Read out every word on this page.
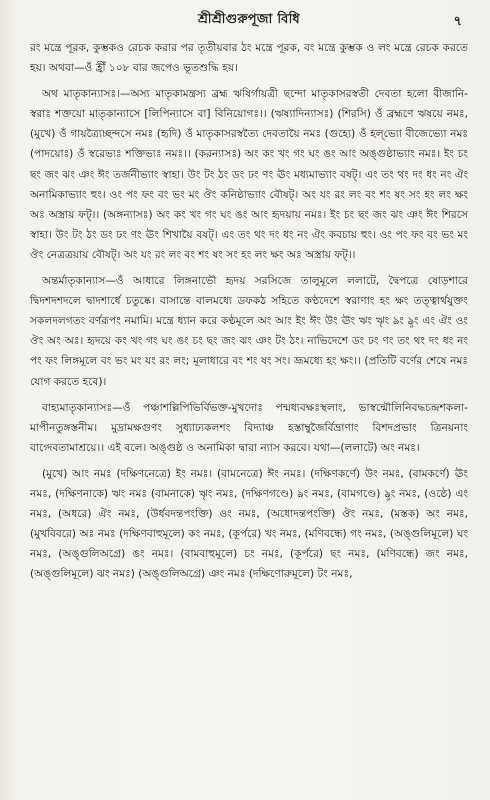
শ্রীশ্রীগুরুপূজা বিধি	৭

রং মন্ত্রে পূরক, কুম্ভকও রেচক করার পর তৃতীয়বার ঠং মন্ত্রে পূরক, বং মন্ত্রে কুম্ভক ও লং মন্ত্রে রেচক করতে হয়। অথবা—ওঁ হ্রীঁ ১০৮ বার জপেও ভূতশুদ্ধি হয়।

অথ মাতৃকান্যাসঃ।—অস্য মাতৃকামন্ত্রস্য ব্রহ্ম ঋষির্গায়ত্রী ছন্দো মাতৃকাসরস্বতী দেবতা হলো বীজানি-স্বরাঃ শক্তয়ো মাতৃকান্যাসে [লিপিন্যাসে বা] বিনিয়োগঃ।। (ঋষ্যাদিন্যাসঃ) (শিরসি) ওঁ ব্রহ্মণে ঋষয়ে নমঃ, (মুখে) ওঁ গায়ত্র্যৈচ্ছন্দসে নমঃ (হৃদি) ওঁ মাতৃকাসরস্বত্যৈ দেবতায়ৈ নমঃ (গুহ্যে) ওঁ হল্‌ভ্যো বীজেভ্যো নমঃ (পাদয়োঃ) ওঁ স্বরেভ্যঃ শক্তিভ্যঃ নমঃ।। (করন্যাসঃ) অং কং খং গং ঘং ঙং আং অঙ্গুষ্ঠাভ্যাং নমঃ। ইং চং ছং জং ঝং ঞং ঈং তর্জনীভ্যাং স্বাহা। উং টং ঠং ডং ঢং ণং ঊং মধ্যমাভ্যাং বষট্‌। এং তং থং দং ধং নং ঐং অনামিকাভ্যাং হুং। ওং পং ফং বং ভং মং ঔং কনিষ্ঠাভ্যাং বৌষট্‌। অং যং রং লং বং শং ষং সং হং লং ক্ষং অঃ অস্ত্রায় ফট্‌।। (অঙ্গন্যাসঃ) অং কং খং গং ঘং ঙং আং হৃদয়ায় নমঃ। ইং চং ছং জং ঝং ঞং ঈং শিরসে স্বাহা। উং টং ঠং ডং ঢং ণং ঊং শিখায়ৈ বষট্‌। এং তং থং দং ধং নং ঐং কবচায় হুং। ওং পং ফং বং ভং মং ঔং নেত্রত্রয়ায় বৌষট্‌। অং যং রং লং বং শং ষং সং হং লং ক্ষং অঃ অস্ত্রায় ফট্‌।।

অন্তর্মাতৃকান্যাস—ওঁ আধারে লিঙ্গনাভৌ হৃদয় সরসিজে তালুমূলে ললাটে, দ্বৈপত্রে ষোড়শারে দ্বিদশদশদলে দ্বাদশার্ধে চতুষ্কে। বাসান্তে বালমধ্যে ডফকঠ সহিতে কণ্ঠদেশে স্বরাণাং হং ক্ষং তত্ত্বার্থযুক্তং সকলদলগতং বর্ণরূপং নমামি। মন্ত্রে ধ্যান করে কণ্ঠমূলে অং আং ইং ঈং উং ঊং ঋং ৠং ঌং ৡং এং ঐং ওং ঔং অং অঃ। হৃদয়ে কং খং গং ঘং ঙং চং ছং জং ঝং ঞং টং ঠং। নাভিদেশে ডং ঢং ণং তং থং দং ধং নং পং ফং লিঙ্গমূলে বং ভং মং যং রং লং; মূলাধারে বং শং ষং সং। ভ্রূমধ্যে হং ক্ষং।। (প্রতিটি বর্ণের শেষে নমঃ যোগ করতে হবে)।

বাহ্যমাতৃকান্যাসঃ—ওঁ পঞ্চাশল্লিপিভির্বিভক্ত-মুখদোঃ পন্মধ্যবক্ষঃস্থলাং, ভাস্বন্মৌলিনিবদ্ধচন্দ্রশকলা-মাপীনতুঙ্গস্তনীম। মুদ্রামক্ষগুণং সুধ্যাঢ্যকলশং বিদ্যাঞ্চ হস্তাম্বুজৈর্বিভ্রাণাং বিশদপ্রভাং ত্রিনয়নাং বাগ্দেবতামাশ্রয়ে।। এই বলে। অঙ্গুষ্ঠ ও অনামিকা দ্বারা ন্যাস করবে। যথা—(ললাটে) অং নমঃ।

(মুখে) আং নমঃ (দক্ষিণনেত্রে) ইং নমঃ। (বামনেত্রে) ঈং নমঃ। (দক্ষিণকর্ণে) উং নমঃ, (বামকর্ণে) ঊং নমঃ, (দক্ষিণনাকে) ঋং নমঃ (বামনাকে) ৠং নমঃ, (দক্ষিণগণ্ডে) ঌং নমঃ, (বামগণ্ডে) ৡং নমঃ, (ওষ্ঠে) এং নমঃ, (অধরে) ঐং নমঃ, (উর্ধবদন্তপংক্তি) ওং নমঃ, (অধোদন্তপংক্তি) ঔং নমঃ, (মস্তক) অং নমঃ, (মুখবিবরে) অঃ নমঃ (দক্ষিণবাহুমূলে) কং নমঃ, (কূর্পরে) খং নমঃ, (মণিবন্ধে) গং নমঃ, (অঙ্গুলিমূলে) ঘং নমঃ, (অঙ্গুলিঅগ্রে) ঙং নমঃ। (বামবাহুমূলে) চং নমঃ, (কূর্পরে) ছং নমঃ, (মণিবন্ধে) জং নমঃ, (অঙ্গুলিমূলে) ঝং নমঃ) (অঙ্গুলিঅগ্রে) ঞং নমঃ (দক্ষিণোরুমূলে) টং নমঃ,
